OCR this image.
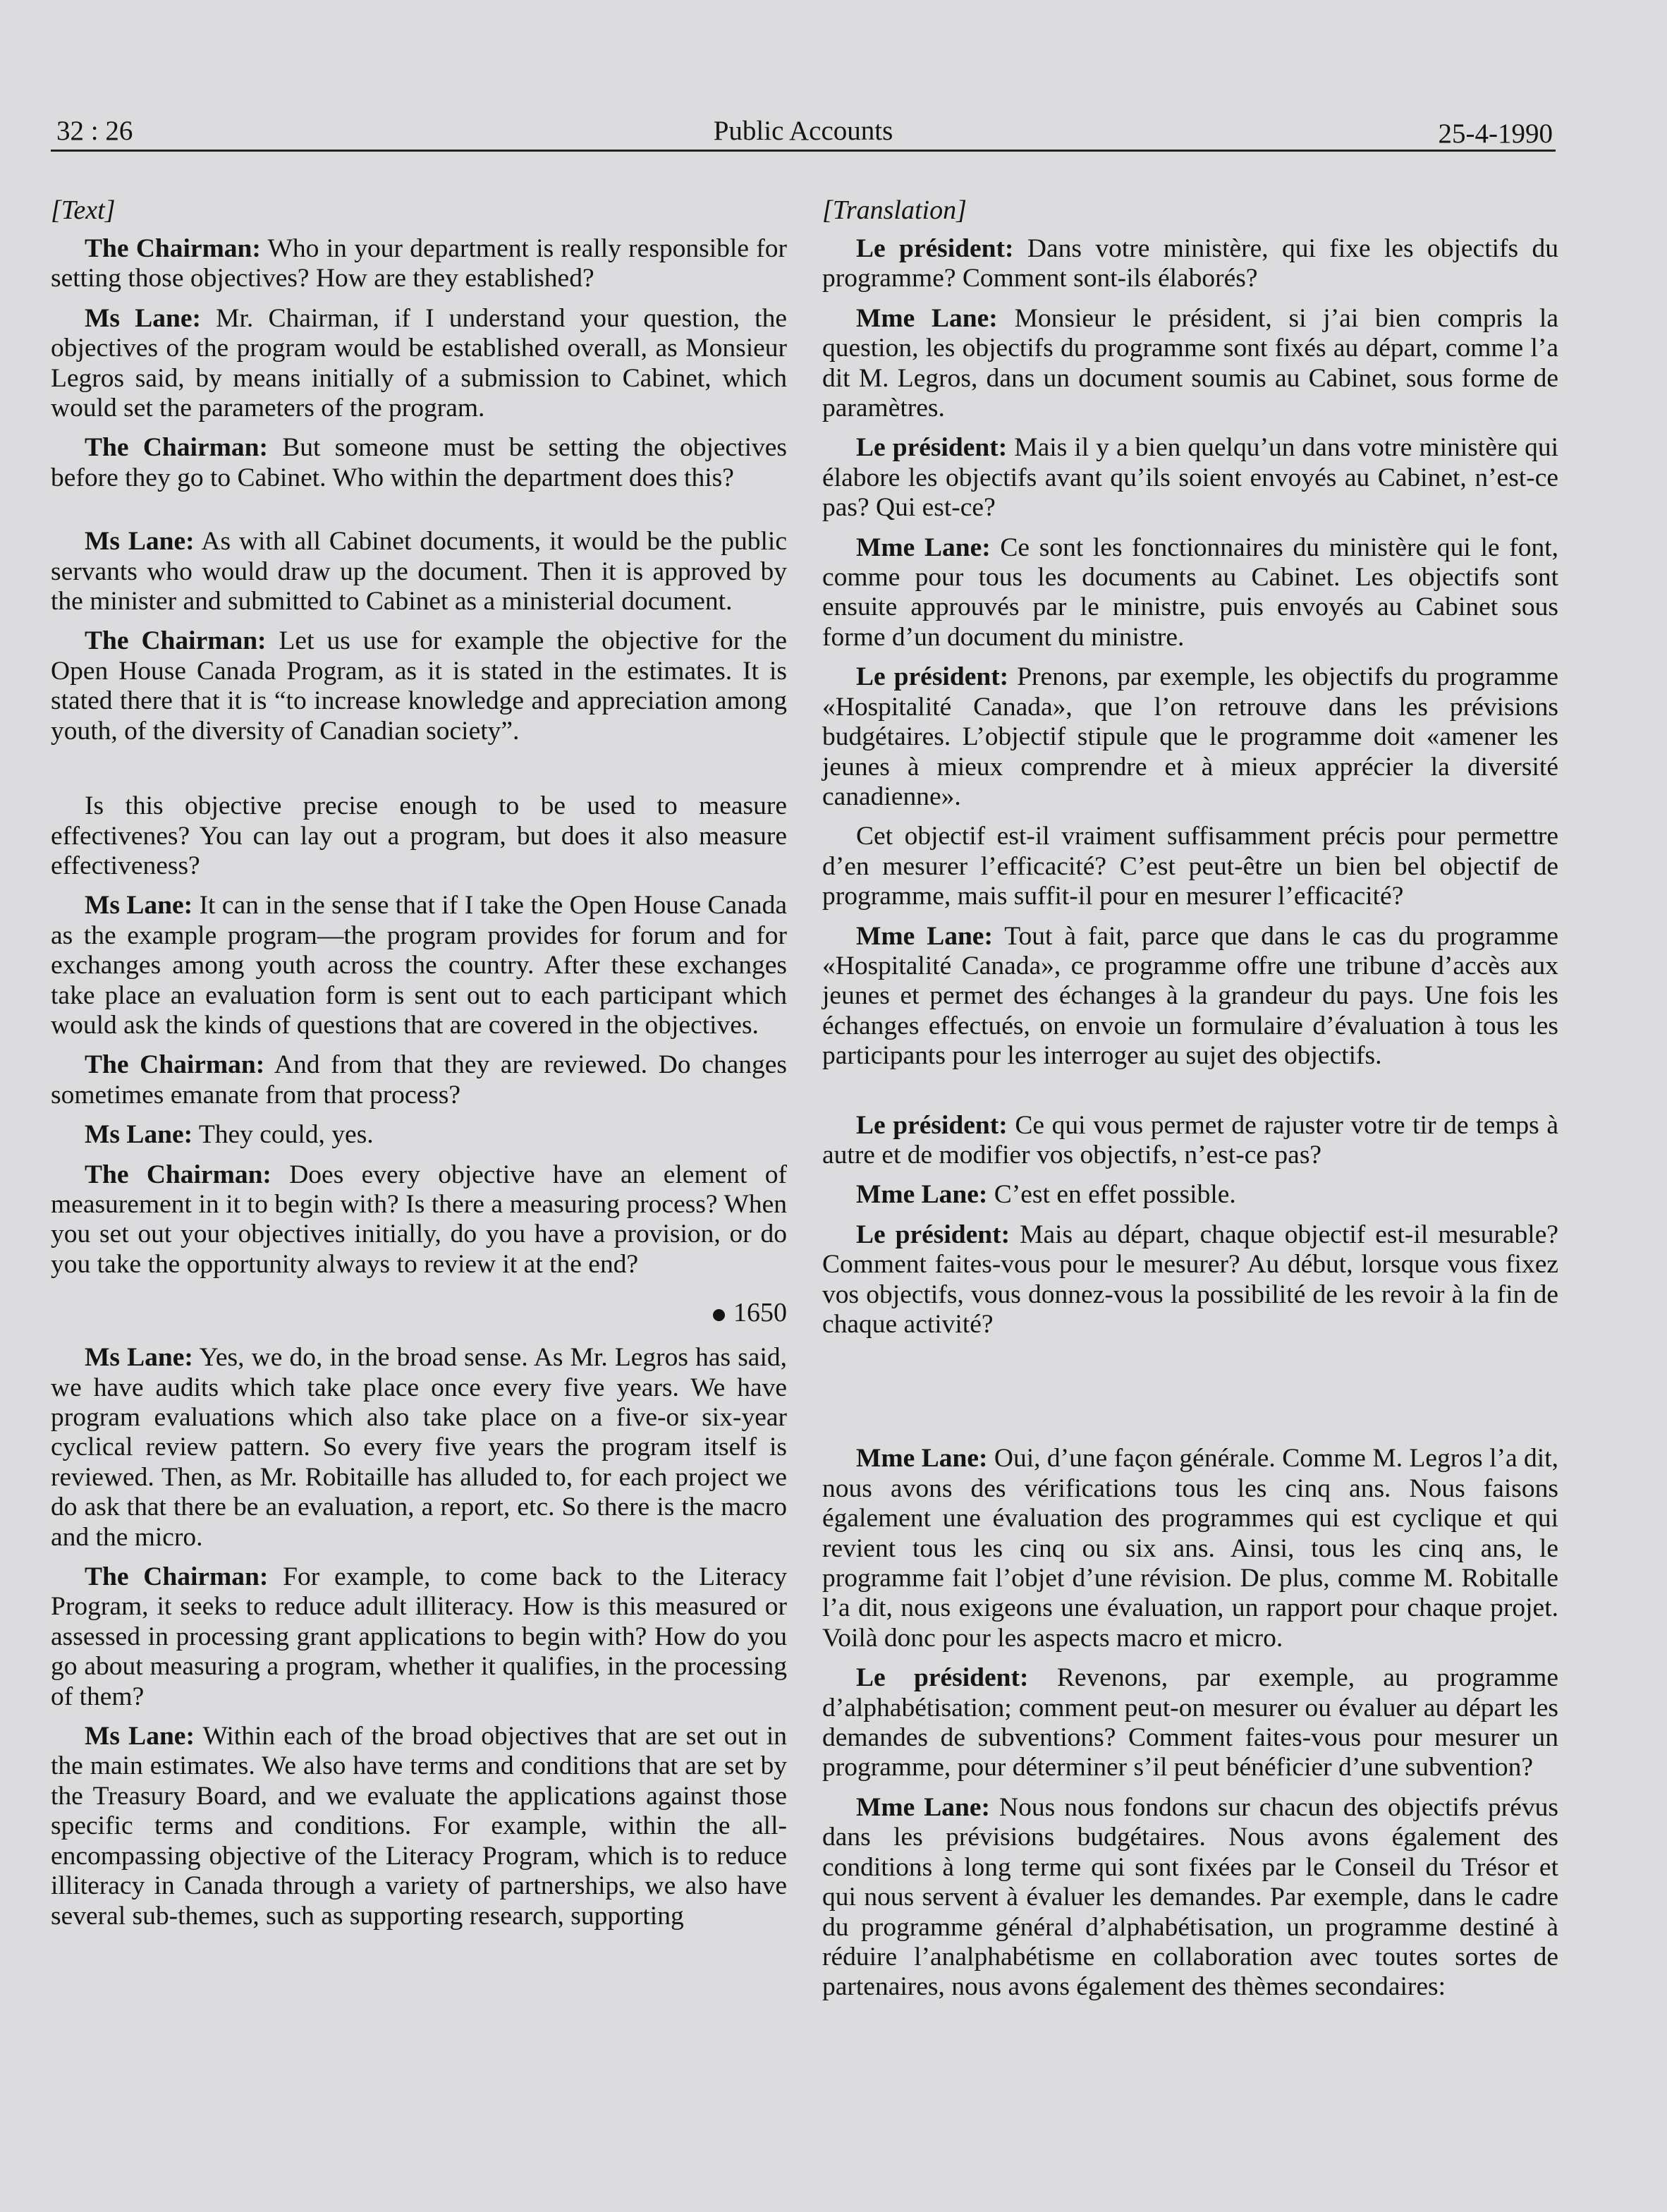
32 : 26	Public Accounts	25-4-1990
[Text]

The Chairman: Who in your department is really responsible for setting those objectives? How are they established?

Ms Lane: Mr. Chairman, if I understand your question, the objectives of the program would be established overall, as Monsieur Legros said, by means initially of a submission to Cabinet, which would set the parameters of the program.

The Chairman: But someone must be setting the objectives before they go to Cabinet. Who within the department does this?

Ms Lane: As with all Cabinet documents, it would be the public servants who would draw up the document. Then it is approved by the minister and submitted to Cabinet as a ministerial document.

The Chairman: Let us use for example the objective for the Open House Canada Program, as it is stated in the estimates. It is stated there that it is “to increase knowledge and appreciation among youth, of the diversity of Canadian society”.

Is this objective precise enough to be used to measure effectivenes? You can lay out a program, but does it also measure effectiveness?

Ms Lane: It can in the sense that if I take the Open House Canada as the example program—the program provides for forum and for exchanges among youth across the country. After these exchanges take place an evaluation form is sent out to each participant which would ask the kinds of questions that are covered in the objectives.

The Chairman: And from that they are reviewed. Do changes sometimes emanate from that process?

Ms Lane: They could, yes.

The Chairman: Does every objective have an element of measurement in it to begin with? Is there a measuring process? When you set out your objectives initially, do you have a provision, or do you take the opportunity always to review it at the end?

1650

Ms Lane: Yes, we do, in the broad sense. As Mr. Legros has said, we have audits which take place once every five years. We have program evaluations which also take place on a five-or six-year cyclical review pattern. So every five years the program itself is reviewed. Then, as Mr. Robitaille has alluded to, for each project we do ask that there be an evaluation, a report, etc. So there is the macro and the micro.

The Chairman: For example, to come back to the Literacy Program, it seeks to reduce adult illiteracy. How is this measured or assessed in processing grant applications to begin with? How do you go about measuring a program, whether it qualifies, in the processing of them?

Ms Lane: Within each of the broad objectives that are set out in the main estimates. We also have terms and conditions that are set by the Treasury Board, and we evaluate the applications against those specific terms and conditions. For example, within the all-encompassing objective of the Literacy Program, which is to reduce illiteracy in Canada through a variety of partnerships, we also have several sub-themes, such as supporting research, supporting

[Translation]

Le président: Dans votre ministère, qui fixe les objectifs du programme? Comment sont-ils élaborés?

Mme Lane: Monsieur le président, si j’ai bien compris la question, les objectifs du programme sont fixés au départ, comme l’a dit M. Legros, dans un document soumis au Cabinet, sous forme de paramètres.

Le président: Mais il y a bien quelqu’un dans votre ministère qui élabore les objectifs avant qu’ils soient envoyés au Cabinet, n’est-ce pas? Qui est-ce?

Mme Lane: Ce sont les fonctionnaires du ministère qui le font, comme pour tous les documents au Cabinet. Les objectifs sont ensuite approuvés par le ministre, puis envoyés au Cabinet sous forme d’un document du ministre.

Le président: Prenons, par exemple, les objectifs du programme «Hospitalité Canada», que l’on retrouve dans les prévisions budgétaires. L’objectif stipule que le programme doit «amener les jeunes à mieux comprendre et à mieux apprécier la diversité canadienne».

Cet objectif est-il vraiment suffisamment précis pour permettre d’en mesurer l’efficacité? C’est peut-être un bien bel objectif de programme, mais suffit-il pour en mesurer l’efficacité?

Mme Lane: Tout à fait, parce que dans le cas du programme «Hospitalité Canada», ce programme offre une tribune d’accès aux jeunes et permet des échanges à la grandeur du pays. Une fois les échanges effectués, on envoie un formulaire d’évaluation à tous les participants pour les interroger au sujet des objectifs.

Le président: Ce qui vous permet de rajuster votre tir de temps à autre et de modifier vos objectifs, n’est-ce pas?

Mme Lane: C’est en effet possible.

Le président: Mais au départ, chaque objectif est-il mesurable? Comment faites-vous pour le mesurer? Au début, lorsque vous fixez vos objectifs, vous donnez-vous la possibilité de les revoir à la fin de chaque activité?

Mme Lane: Oui, d’une façon générale. Comme M. Legros l’a dit, nous avons des vérifications tous les cinq ans. Nous faisons également une évaluation des programmes qui est cyclique et qui revient tous les cinq ou six ans. Ainsi, tous les cinq ans, le programme fait l’objet d’une révision. De plus, comme M. Robitalle l’a dit, nous exigeons une évaluation, un rapport pour chaque projet. Voilà donc pour les aspects macro et micro.

Le président: Revenons, par exemple, au programme d’alphabétisation; comment peut-on mesurer ou évaluer au départ les demandes de subventions? Comment faites-vous pour mesurer un programme, pour déterminer s’il peut bénéficier d’une subvention?

Mme Lane: Nous nous fondons sur chacun des objectifs prévus dans les prévisions budgétaires. Nous avons également des conditions à long terme qui sont fixées par le Conseil du Trésor et qui nous servent à évaluer les demandes. Par exemple, dans le cadre du programme général d’alphabétisation, un programme destiné à réduire l’analphabétisme en collaboration avec toutes sortes de partenaires, nous avons également des thèmes secondaires:
